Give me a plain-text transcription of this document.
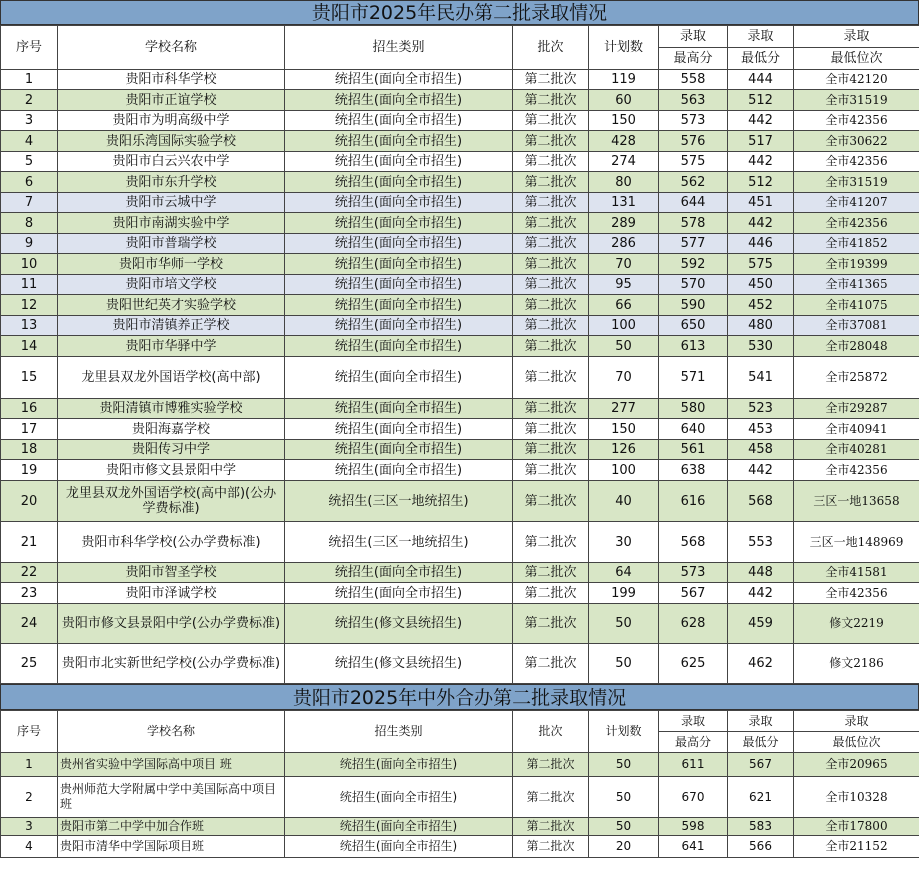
贵阳市2025年民办第二批录取情况
序号	学校名称	招生类别	批次	计划数	录取	录取	录取
					最高分	最低分	最低位次
1	贵阳市科华学校	统招生(面向全市招生)	第二批次	119	558	444	全市42120
2	贵阳市正谊学校	统招生(面向全市招生)	第二批次	60	563	512	全市31519
3	贵阳市为明高级中学	统招生(面向全市招生)	第二批次	150	573	442	全市42356
4	贵阳乐湾国际实验学校	统招生(面向全市招生)	第二批次	428	576	517	全市30622
5	贵阳市白云兴农中学	统招生(面向全市招生)	第二批次	274	575	442	全市42356
6	贵阳市东升学校	统招生(面向全市招生)	第二批次	80	562	512	全市31519
7	贵阳市云城中学	统招生(面向全市招生)	第二批次	131	644	451	全市41207
8	贵阳市南湖实验中学	统招生(面向全市招生)	第二批次	289	578	442	全市42356
9	贵阳市普瑞学校	统招生(面向全市招生)	第二批次	286	577	446	全市41852
10	贵阳市华师一学校	统招生(面向全市招生)	第二批次	70	592	575	全市19399
11	贵阳市培文学校	统招生(面向全市招生)	第二批次	95	570	450	全市41365
12	贵阳世纪英才实验学校	统招生(面向全市招生)	第二批次	66	590	452	全市41075
13	贵阳市清镇养正学校	统招生(面向全市招生)	第二批次	100	650	480	全市37081
14	贵阳市华驿中学	统招生(面向全市招生)	第二批次	50	613	530	全市28048
15	龙里县双龙外国语学校(高中部)	统招生(面向全市招生)	第二批次	70	571	541	全市25872
16	贵阳清镇市博雅实验学校	统招生(面向全市招生)	第二批次	277	580	523	全市29287
17	贵阳海嘉学校	统招生(面向全市招生)	第二批次	150	640	453	全市40941
18	贵阳传习中学	统招生(面向全市招生)	第二批次	126	561	458	全市40281
19	贵阳市修文县景阳中学	统招生(面向全市招生)	第二批次	100	638	442	全市42356
20	龙里县双龙外国语学校(高中部)(公办学费标准)	统招生(三区一地统招生)	第二批次	40	616	568	三区一地13658
21	贵阳市科华学校(公办学费标准)	统招生(三区一地统招生)	第二批次	30	568	553	三区一地148969
22	贵阳市智圣学校	统招生(面向全市招生)	第二批次	64	573	448	全市41581
23	贵阳市泽诚学校	统招生(面向全市招生)	第二批次	199	567	442	全市42356
24	贵阳市修文县景阳中学(公办学费标准)	统招生(修文县统招生)	第二批次	50	628	459	修文2219
25	贵阳市北实新世纪学校(公办学费标准)	统招生(修文县统招生)	第二批次	50	625	462	修文2186
贵阳市2025年中外合办第二批录取情况
序号	学校名称	招生类别	批次	计划数	录取	录取	录取
					最高分	最低分	最低位次
1	贵州省实验中学国际高中项目 班	统招生(面向全市招生)	第二批次	50	611	567	全市20965
2	贵州师范大学附属中学中美国际高中项目班	统招生(面向全市招生)	第二批次	50	670	621	全市10328
3	贵阳市第二中学中加合作班	统招生(面向全市招生)	第二批次	50	598	583	全市17800
4	贵阳市清华中学国际项目班	统招生(面向全市招生)	第二批次	20	641	566	全市21152
